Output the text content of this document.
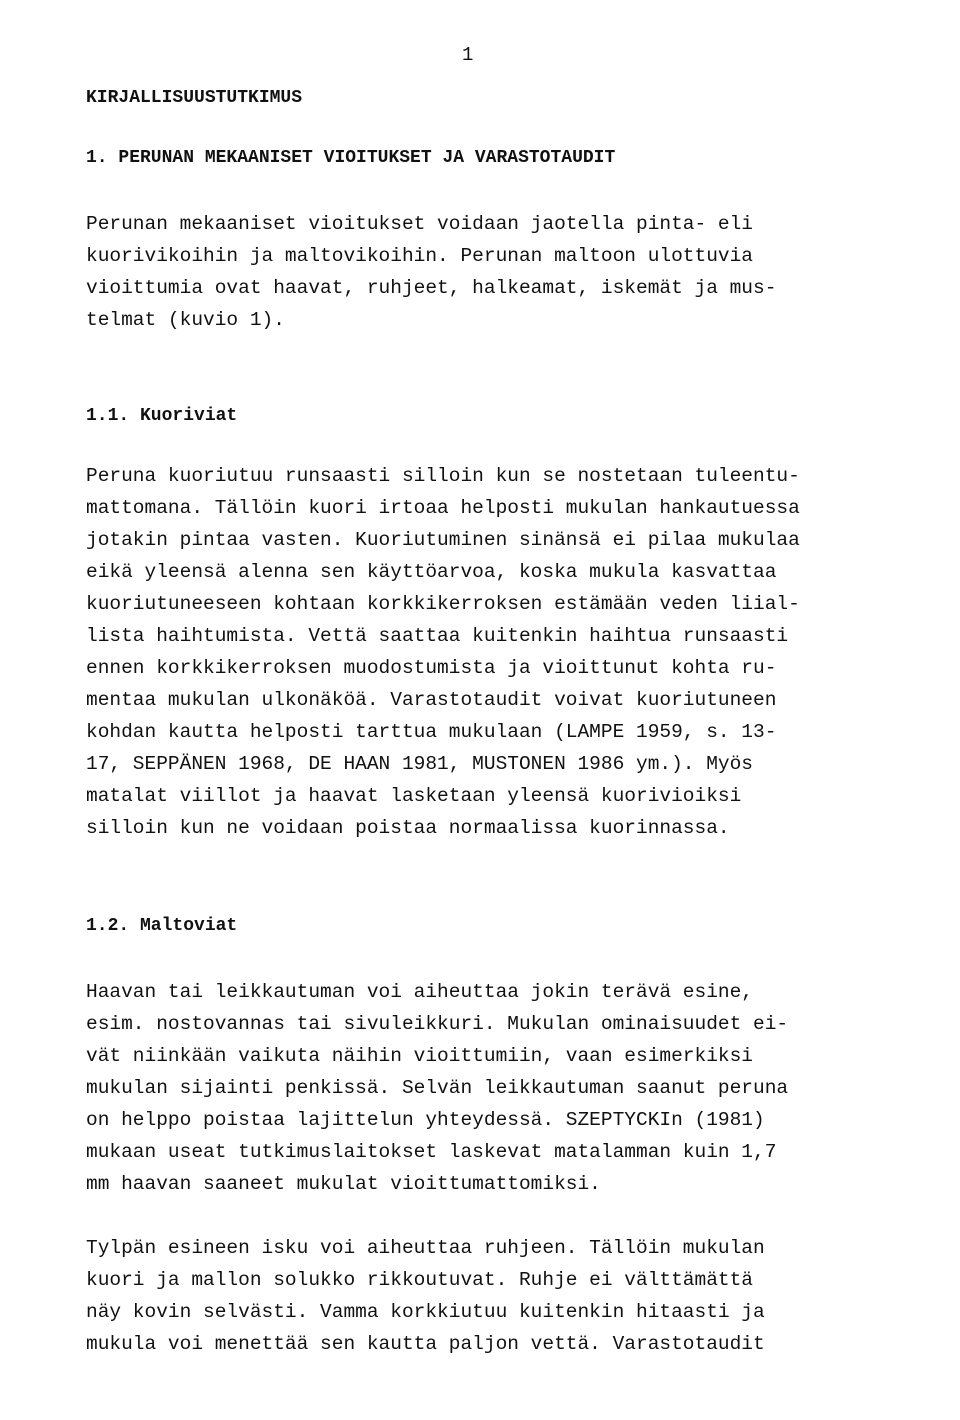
1
KIRJALLISUUSTUTKIMUS
1. PERUNAN MEKAANISET VIOITUKSET JA VARASTOTAUDIT
Perunan mekaaniset vioitukset voidaan jaotella pinta- eli
kuorivikoihin ja maltovikoihin. Perunan maltoon ulottuvia
vioittumia ovat haavat, ruhjeet, halkeamat, iskemät ja mus-
telmat (kuvio 1).
1.1. Kuoriviat
Peruna kuoriutuu runsaasti silloin kun se nostetaan tuleentu-
mattomana. Tällöin kuori irtoaa helposti mukulan hankautuessa
jotakin pintaa vasten. Kuoriutuminen sinänsä ei pilaa mukulaa
eikä yleensä alenna sen käyttöarvoa, koska mukula kasvattaa
kuoriutuneeseen kohtaan korkkikerroksen estämään veden liial-
lista haihtumista. Vettä saattaa kuitenkin haihtua runsaasti
ennen korkkikerroksen muodostumista ja vioittunut kohta ru-
mentaa mukulan ulkonäköä. Varastotaudit voivat kuoriutuneen
kohdan kautta helposti tarttua mukulaan (LAMPE 1959, s. 13-
17, SEPPÄNEN 1968, DE HAAN 1981, MUSTONEN 1986 ym.). Myös
matalat viillot ja haavat lasketaan yleensä kuorivioiksi
silloin kun ne voidaan poistaa normaalissa kuorinnassa.
1.2. Maltoviat
Haavan tai leikkautuman voi aiheuttaa jokin terävä esine,
esim. nostovannas tai sivuleikkuri. Mukulan ominaisuudet ei-
vät niinkään vaikuta näihin vioittumiin, vaan esimerkiksi
mukulan sijainti penkissä. Selvän leikkautuman saanut peruna
on helppo poistaa lajittelun yhteydessä. SZEPTYCKIn (1981)
mukaan useat tutkimuslaitokset laskevat matalamman kuin 1,7
mm haavan saaneet mukulat vioittumattomiksi.
Tylpän esineen isku voi aiheuttaa ruhjeen. Tällöin mukulan
kuori ja mallon solukko rikkoutuvat. Ruhje ei välttämättä
näy kovin selvästi. Vamma korkkiutuu kuitenkin hitaasti ja
mukula voi menettää sen kautta paljon vettä. Varastotaudit
